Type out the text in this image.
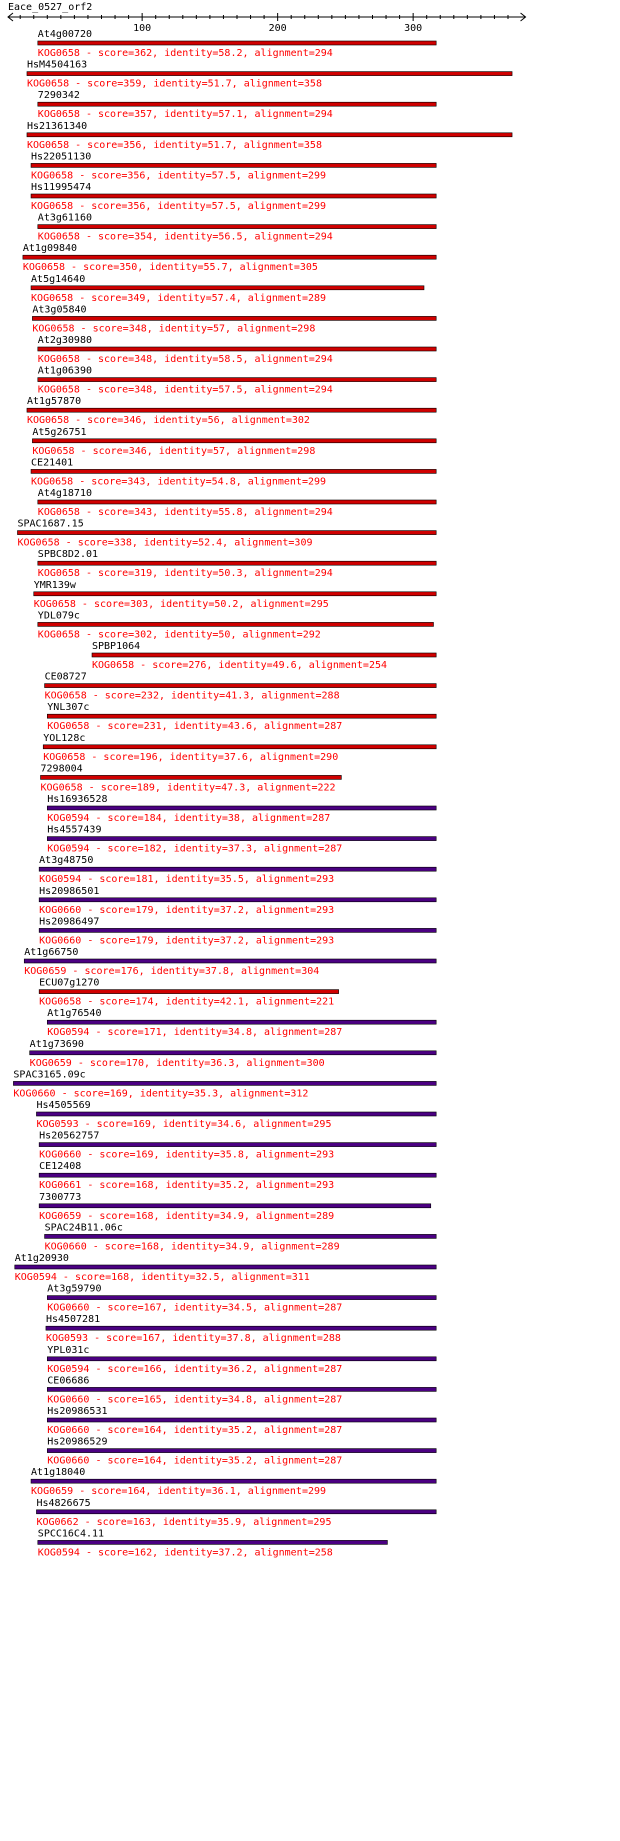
Eace_0527_orf2
100	200	300
At4g00720
KOG0658 - score=362, identity=58.2, alignment=294
HsM4504163
KOG0658 - score=359, identity=51.7, alignment=358
7290342
KOG0658 - score=357, identity=57.1, alignment=294
Hs21361340
KOG0658 - score=356, identity=51.7, alignment=358
Hs22051130
KOG0658 - score=356, identity=57.5, alignment=299
Hs11995474
KOG0658 - score=356, identity=57.5, alignment=299
At3g61160
KOG0658 - score=354, identity=56.5, alignment=294
At1g09840
KOG0658 - score=350, identity=55.7, alignment=305
At5g14640
KOG0658 - score=349, identity=57.4, alignment=289
At3g05840
KOG0658 - score=348, identity=57, alignment=298
At2g30980
KOG0658 - score=348, identity=58.5, alignment=294
At1g06390
KOG0658 - score=348, identity=57.5, alignment=294
At1g57870
KOG0658 - score=346, identity=56, alignment=302
At5g26751
KOG0658 - score=346, identity=57, alignment=298
CE21401
KOG0658 - score=343, identity=54.8, alignment=299
At4g18710
KOG0658 - score=343, identity=55.8, alignment=294
SPAC1687.15
KOG0658 - score=338, identity=52.4, alignment=309
SPBC8D2.01
KOG0658 - score=319, identity=50.3, alignment=294
YMR139w
KOG0658 - score=303, identity=50.2, alignment=295
YDL079c
KOG0658 - score=302, identity=50, alignment=292
SPBP1064
KOG0658 - score=276, identity=49.6, alignment=254
CE08727
KOG0658 - score=232, identity=41.3, alignment=288
YNL307c
KOG0658 - score=231, identity=43.6, alignment=287
YOL128c
KOG0658 - score=196, identity=37.6, alignment=290
7298004
KOG0658 - score=189, identity=47.3, alignment=222
Hs16936528
KOG0594 - score=184, identity=38, alignment=287
Hs4557439
KOG0594 - score=182, identity=37.3, alignment=287
At3g48750
KOG0594 - score=181, identity=35.5, alignment=293
Hs20986501
KOG0660 - score=179, identity=37.2, alignment=293
Hs20986497
KOG0660 - score=179, identity=37.2, alignment=293
At1g66750
KOG0659 - score=176, identity=37.8, alignment=304
ECU07g1270
KOG0658 - score=174, identity=42.1, alignment=221
At1g76540
KOG0594 - score=171, identity=34.8, alignment=287
At1g73690
KOG0659 - score=170, identity=36.3, alignment=300
SPAC3165.09c
KOG0660 - score=169, identity=35.3, alignment=312
Hs4505569
KOG0593 - score=169, identity=34.6, alignment=295
Hs20562757
KOG0660 - score=169, identity=35.8, alignment=293
CE12408
KOG0661 - score=168, identity=35.2, alignment=293
7300773
KOG0659 - score=168, identity=34.9, alignment=289
SPAC24B11.06c
KOG0660 - score=168, identity=34.9, alignment=289
At1g20930
KOG0594 - score=168, identity=32.5, alignment=311
At3g59790
KOG0660 - score=167, identity=34.5, alignment=287
Hs4507281
KOG0593 - score=167, identity=37.8, alignment=288
YPL031c
KOG0594 - score=166, identity=36.2, alignment=287
CE06686
KOG0660 - score=165, identity=34.8, alignment=287
Hs20986531
KOG0660 - score=164, identity=35.2, alignment=287
Hs20986529
KOG0660 - score=164, identity=35.2, alignment=287
At1g18040
KOG0659 - score=164, identity=36.1, alignment=299
Hs4826675
KOG0662 - score=163, identity=35.9, alignment=295
SPCC16C4.11
KOG0594 - score=162, identity=37.2, alignment=258
